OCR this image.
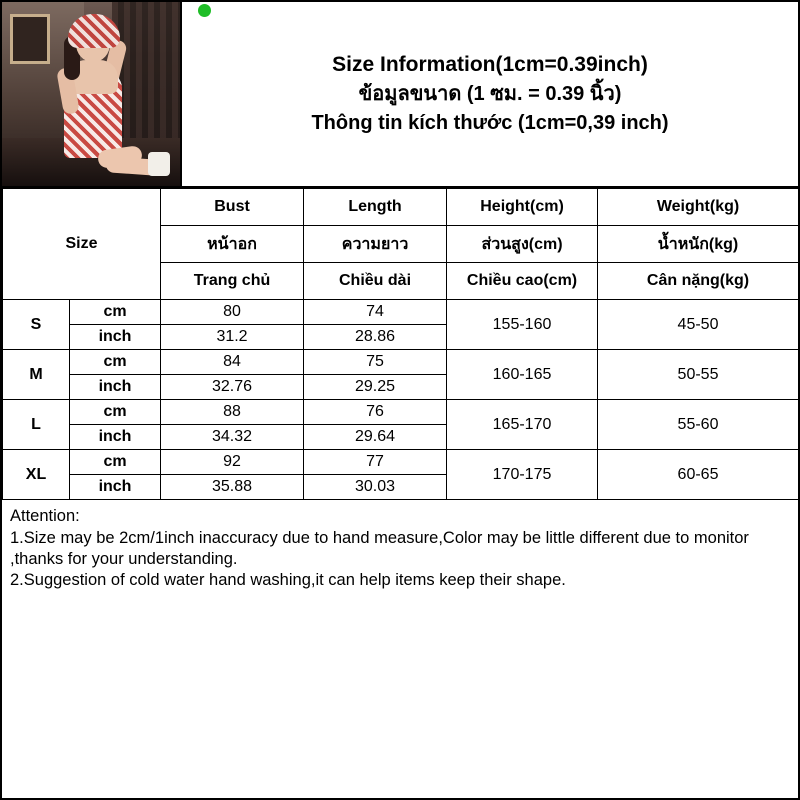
Size Information(1cm=0.39inch)
ข้อมูลขนาด (1 ซม. = 0.39 นิ้ว)
Thông tin kích thước (1cm=0,39 inch)
Size		Bust	Length	Height(cm)	Weight(kg)
		หน้าอก	ความยาว	ส่วนสูง(cm)	น้ำหนัก(kg)
		Trang chủ	Chiều dài	Chiều cao(cm)	Cân nặng(kg)
S	cm	80	74	155-160	45-50
	inch	31.2	28.86		
M	cm	84	75	160-165	50-55
	inch	32.76	29.25		
L	cm	88	76	165-170	55-60
	inch	34.32	29.64		
XL	cm	92	77	170-175	60-65
	inch	35.88	30.03		
Attention:
1.Size may be 2cm/1inch inaccuracy due to hand measure,Color may be little different due to monitor ,thanks for your understanding.
2.Suggestion of cold water hand washing,it can help items keep their shape.
